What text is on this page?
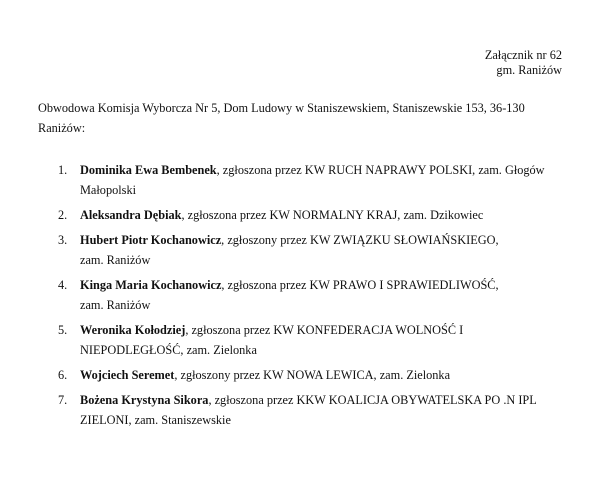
Załącznik nr 62
gm. Raniżów
Obwodowa Komisja Wyborcza Nr 5, Dom Ludowy w Staniszewskiem, Staniszewskie 153, 36-130 Raniżów:
1. Dominika Ewa Bembenek, zgłoszona przez KW RUCH NAPRAWY POLSKI, zam. Głogów
Małopolski
2. Aleksandra Dębiak, zgłoszona przez KW NORMALNY KRAJ, zam. Dzikowiec
3. Hubert Piotr Kochanowicz, zgłoszony przez KW ZWIĄZKU SŁOWIAŃSKIEGO,
zam. Raniżów
4. Kinga Maria Kochanowicz, zgłoszona przez KW PRAWO I SPRAWIEDLIWOŚĆ,
zam. Raniżów
5. Weronika Kołodziej, zgłoszona przez KW KONFEDERACJA WOLNOŚĆ I
NIEPODLEGŁOŚĆ, zam. Zielonka
6. Wojciech Seremet, zgłoszony przez KW NOWA LEWICA, zam. Zielonka
7. Bożena Krystyna Sikora, zgłoszona przez KKW KOALICJA OBYWATELSKA PO .N IPL
ZIELONI, zam. Staniszewskie
